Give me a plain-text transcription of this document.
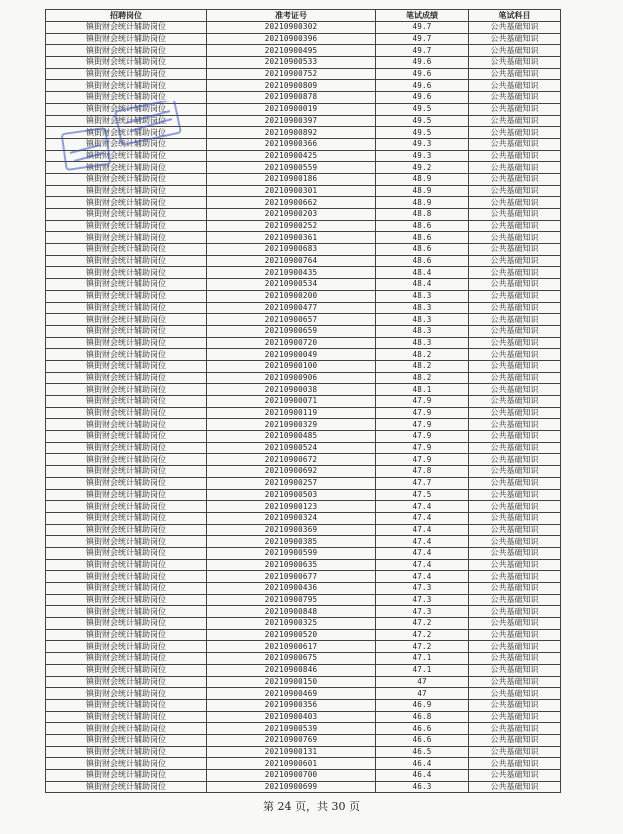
招聘岗位	准考证号	笔试成绩	笔试科目
镇街财会统计辅助岗位	20210900302	49.7	公共基础知识
镇街财会统计辅助岗位	20210900396	49.7	公共基础知识
镇街财会统计辅助岗位	20210900495	49.7	公共基础知识
镇街财会统计辅助岗位	20210900533	49.6	公共基础知识
镇街财会统计辅助岗位	20210900752	49.6	公共基础知识
镇街财会统计辅助岗位	20210900809	49.6	公共基础知识
镇街财会统计辅助岗位	20210900878	49.6	公共基础知识
镇街财会统计辅助岗位	20210900019	49.5	公共基础知识
镇街财会统计辅助岗位	20210900397	49.5	公共基础知识
镇街财会统计辅助岗位	20210900892	49.5	公共基础知识
镇街财会统计辅助岗位	20210900366	49.3	公共基础知识
镇街财会统计辅助岗位	20210900425	49.3	公共基础知识
镇街财会统计辅助岗位	20210900559	49.2	公共基础知识
镇街财会统计辅助岗位	20210900186	48.9	公共基础知识
镇街财会统计辅助岗位	20210900301	48.9	公共基础知识
镇街财会统计辅助岗位	20210900662	48.9	公共基础知识
镇街财会统计辅助岗位	20210900203	48.8	公共基础知识
镇街财会统计辅助岗位	20210900252	48.6	公共基础知识
镇街财会统计辅助岗位	20210900361	48.6	公共基础知识
镇街财会统计辅助岗位	20210900683	48.6	公共基础知识
镇街财会统计辅助岗位	20210900764	48.6	公共基础知识
镇街财会统计辅助岗位	20210900435	48.4	公共基础知识
镇街财会统计辅助岗位	20210900534	48.4	公共基础知识
镇街财会统计辅助岗位	20210900200	48.3	公共基础知识
镇街财会统计辅助岗位	20210900477	48.3	公共基础知识
镇街财会统计辅助岗位	20210900657	48.3	公共基础知识
镇街财会统计辅助岗位	20210900659	48.3	公共基础知识
镇街财会统计辅助岗位	20210900720	48.3	公共基础知识
镇街财会统计辅助岗位	20210900049	48.2	公共基础知识
镇街财会统计辅助岗位	20210900100	48.2	公共基础知识
镇街财会统计辅助岗位	20210900906	48.2	公共基础知识
镇街财会统计辅助岗位	20210900038	48.1	公共基础知识
镇街财会统计辅助岗位	20210900071	47.9	公共基础知识
镇街财会统计辅助岗位	20210900119	47.9	公共基础知识
镇街财会统计辅助岗位	20210900329	47.9	公共基础知识
镇街财会统计辅助岗位	20210900485	47.9	公共基础知识
镇街财会统计辅助岗位	20210900524	47.9	公共基础知识
镇街财会统计辅助岗位	20210900672	47.9	公共基础知识
镇街财会统计辅助岗位	20210900692	47.8	公共基础知识
镇街财会统计辅助岗位	20210900257	47.7	公共基础知识
镇街财会统计辅助岗位	20210900503	47.5	公共基础知识
镇街财会统计辅助岗位	20210900123	47.4	公共基础知识
镇街财会统计辅助岗位	20210900324	47.4	公共基础知识
镇街财会统计辅助岗位	20210900369	47.4	公共基础知识
镇街财会统计辅助岗位	20210900385	47.4	公共基础知识
镇街财会统计辅助岗位	20210900599	47.4	公共基础知识
镇街财会统计辅助岗位	20210900635	47.4	公共基础知识
镇街财会统计辅助岗位	20210900677	47.4	公共基础知识
镇街财会统计辅助岗位	20210900436	47.3	公共基础知识
镇街财会统计辅助岗位	20210900795	47.3	公共基础知识
镇街财会统计辅助岗位	20210900848	47.3	公共基础知识
镇街财会统计辅助岗位	20210900325	47.2	公共基础知识
镇街财会统计辅助岗位	20210900520	47.2	公共基础知识
镇街财会统计辅助岗位	20210900617	47.2	公共基础知识
镇街财会统计辅助岗位	20210900675	47.1	公共基础知识
镇街财会统计辅助岗位	20210900846	47.1	公共基础知识
镇街财会统计辅助岗位	20210900150	47	公共基础知识
镇街财会统计辅助岗位	20210900469	47	公共基础知识
镇街财会统计辅助岗位	20210900356	46.9	公共基础知识
镇街财会统计辅助岗位	20210900403	46.8	公共基础知识
镇街财会统计辅助岗位	20210900539	46.6	公共基础知识
镇街财会统计辅助岗位	20210900769	46.6	公共基础知识
镇街财会统计辅助岗位	20210900131	46.5	公共基础知识
镇街财会统计辅助岗位	20210900601	46.4	公共基础知识
镇街财会统计辅助岗位	20210900700	46.4	公共基础知识
镇街财会统计辅助岗位	20210900699	46.3	公共基础知识
第 24 页，共 30 页
